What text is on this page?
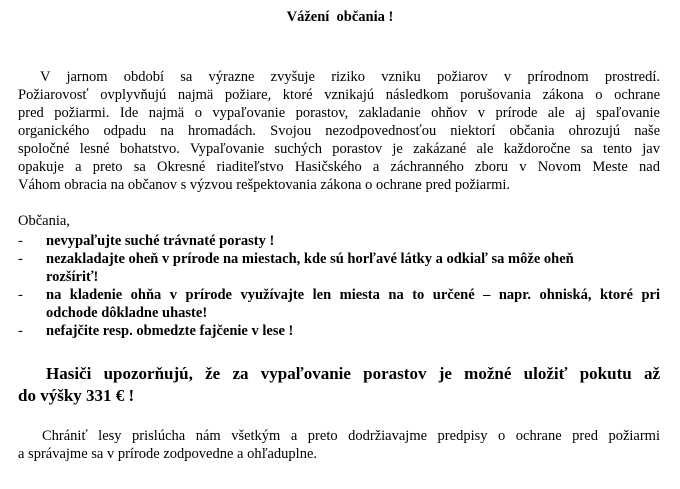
Vážení  občania !
V jarnom období sa výrazne zvyšuje riziko vzniku požiarov v prírodnom prostredí.
Požiarovosť ovplyvňujú najmä požiare, ktoré vznikajú následkom porušovania zákona o ochrane
pred požiarmi. Ide najmä o vypaľovanie porastov, zakladanie ohňov v prírode ale aj spaľovanie
organického odpadu na hromadách. Svojou nezodpovednosťou niektorí občania ohrozujú naše
spoločné lesné bohatstvo. Vypaľovanie suchých porastov je zakázané ale každoročne sa tento jav
opakuje a preto sa Okresné riaditeľstvo Hasičského a záchranného zboru v Novom Meste nad
Váhom obracia na občanov s výzvou rešpektovania zákona o ochrane pred požiarmi.
Občania,
- nevypaľujte suché trávnaté porasty !
- nezakladajte oheň v prírode na miestach, kde sú horľavé látky a odkiaľ sa môže oheň
rozšíriť!
- na kladenie ohňa v prírode využívajte len miesta na to určené – napr. ohniská, ktoré pri
odchode dôkladne uhaste!
- nefajčite resp. obmedzte fajčenie v lese !
Hasiči upozorňujú, že za vypaľovanie porastov je možné uložiť pokutu až
do výšky 331 € !
Chrániť lesy prislúcha nám všetkým a preto dodržiavajme predpisy o ochrane pred požiarmi
a správajme sa v prírode zodpovedne a ohľaduplne.
